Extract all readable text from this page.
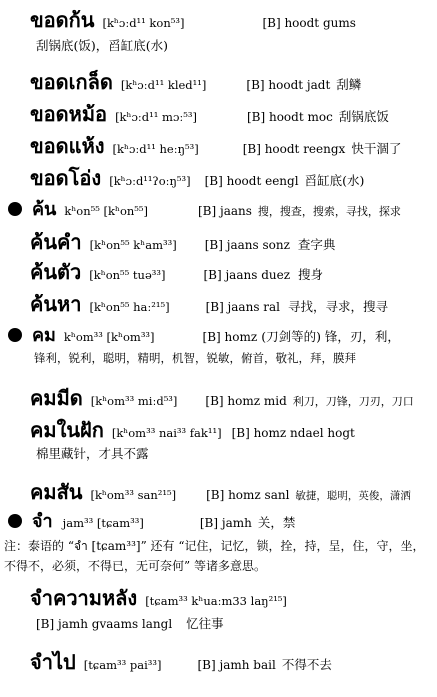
ขอดก้น [kʰɔːd¹¹ kon⁵³]	[B] hoodt gums
刮锅底(饭)，舀缸底(水)
ขอดเกล็ด [kʰɔːd¹¹ kled¹¹]	[B] hoodt jadt 刮鳞
ขอดหม้อ [kʰɔːd¹¹ mɔː⁵³]	[B] hoodt moc 刮锅底饭
ขอดแห้ง [kʰɔːd¹¹ heːŋ⁵³]	[B] hoodt reengx 快干涸了
ขอดโอ่ง [kʰɔːd¹¹ʔoːŋ⁵³] [B] hoodt eengl 舀缸底(水)
ค้น kʰon⁵⁵ [kʰon⁵⁵]	[B] jaans 搜，搜查，搜索，寻找，探求
ค้นคำ [kʰon⁵⁵ kʰam³³] [B] jaans sonz 查字典
ค้นตัว [kʰon⁵⁵ tuə³³]	[B] jaans duez 搜身
ค้นหา [kʰon⁵⁵ haː²¹⁵]	[B] jaans ral 寻找，寻求，搜寻
คม kʰom³³ [kʰom³³]	[B] homz (刀剑等的) 锋，刃，利，
锋利，锐利，聪明，精明，机智，锐敏，俯首，敬礼，拜，膜拜
คมมีด [kʰom³³ miːd⁵³] [B] homz mid 利刀，刀锋，刀刃，刀口
คมในฝัก [kʰom³³ nai³³ fak¹¹] [B] homz ndael hogt
棉里藏针，才具不露
คมสัน [kʰom³³ san²¹⁵]	[B] homz sanl 敏捷，聪明，英俊，潇洒
จำ jam³³ [tɕam³³]	[B] jamh 关，禁
注：泰语的 “จำ [tɕam³³]” 还有 “记住，记忆，锁，拴，持，呈，住，守，坐，不得不，必须，不得已，无可奈何” 等诸多意思。
จำความหลัง [tɕam³³ kʰuaːm33 laŋ²¹⁵]
[B] jamh gvaams langl 忆往事
จำไป [tɕam³³ pai³³]	[B] jamh bail 不得不去
